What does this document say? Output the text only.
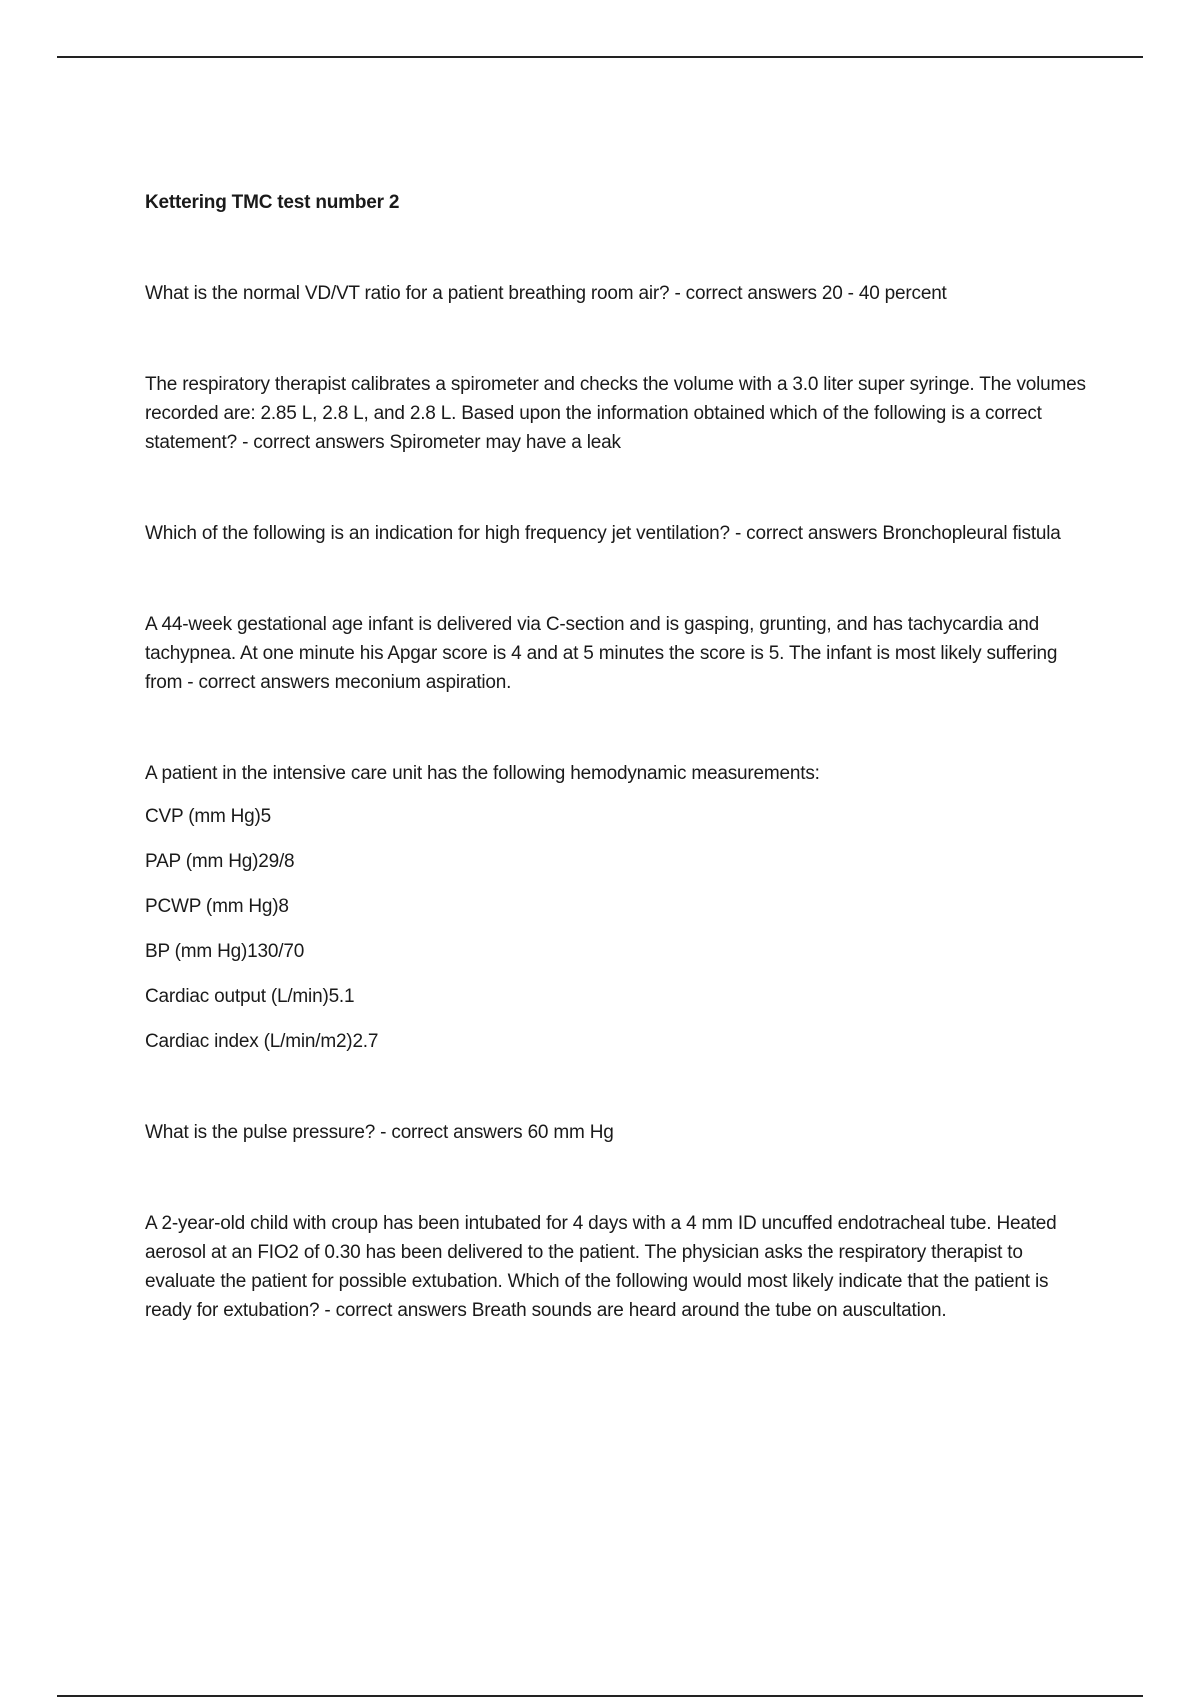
Kettering TMC test number 2

What is the normal VD/VT ratio for a patient breathing room air? - correct answers 20 - 40 percent

The respiratory therapist calibrates a spirometer and checks the volume with a 3.0 liter super syringe. The volumes recorded are: 2.85 L, 2.8 L, and 2.8 L. Based upon the information obtained which of the following is a correct statement? - correct answers Spirometer may have a leak

Which of the following is an indication for high frequency jet ventilation? - correct answers Bronchopleural fistula

A 44-week gestational age infant is delivered via C-section and is gasping, grunting, and has tachycardia and tachypnea. At one minute his Apgar score is 4 and at 5 minutes the score is 5. The infant is most likely suffering from - correct answers meconium aspiration.

A patient in the intensive care unit has the following hemodynamic measurements:

CVP (mm Hg)5
PAP (mm Hg)29/8
PCWP (mm Hg)8
BP (mm Hg)130/70
Cardiac output (L/min)5.1
Cardiac index (L/min/m2)2.7

What is the pulse pressure? - correct answers 60 mm Hg

A 2-year-old child with croup has been intubated for 4 days with a 4 mm ID uncuffed endotracheal tube. Heated aerosol at an FIO2 of 0.30 has been delivered to the patient. The physician asks the respiratory therapist to evaluate the patient for possible extubation. Which of the following would most likely indicate that the patient is ready for extubation? - correct answers Breath sounds are heard around the tube on auscultation.
